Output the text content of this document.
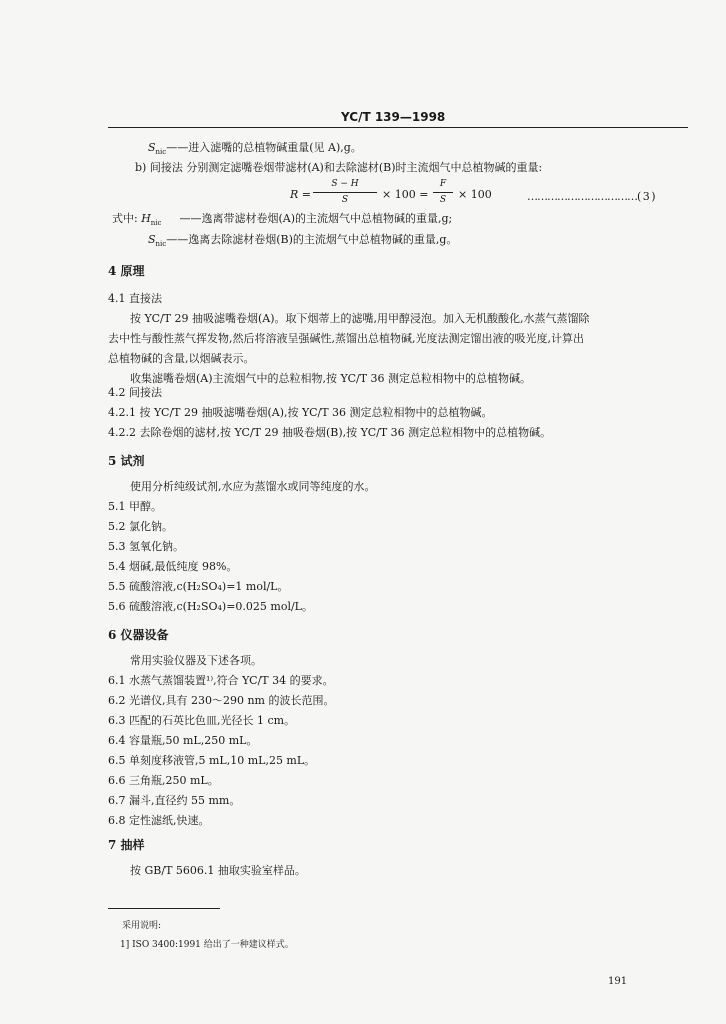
YC/T 139—1998
$S_{nic}——$进入滤嘴的总植物碱重量(见 A),g。
b) 间接法 分别测定滤嘴卷烟带滤材(A)和去除滤材(B)时主流烟气中总植物碱的重量:
R =
S − H
S	× 100 =
F
S	× 100	……………………………( 3 )
式中: $H_{nic}$ ——逸离带滤材卷烟(A)的主流烟气中总植物碱的重量,g;
$S_{nic}——$逸离去除滤材卷烟(B)的主流烟气中总植物碱的重量,g。
4 原理
4.1 直接法
按 YC/T 29 抽吸滤嘴卷烟(A)。取下烟蒂上的滤嘴,用甲醇浸泡。加入无机酸酸化,水蒸气蒸馏除
去中性与酸性蒸气挥发物,然后将溶液呈强碱性,蒸馏出总植物碱,光度法测定馏出液的吸光度,计算出
总植物碱的含量,以烟碱表示。
收集滤嘴卷烟(A)主流烟气中的总粒相物,按 YC/T 36 测定总粒相物中的总植物碱。
4.2 间接法
4.2.1 按 YC/T 29 抽吸滤嘴卷烟(A),按 YC/T 36 测定总粒相物中的总植物碱。
4.2.2 去除卷烟的滤材,按 YC/T 29 抽吸卷烟(B),按 YC/T 36 测定总粒相物中的总植物碱。
5 试剂
使用分析纯级试剂,水应为蒸馏水或同等纯度的水。
5.1 甲醇。
5.2 氯化钠。
5.3 氢氧化钠。
5.4 烟碱,最低纯度 98%。
5.5 硫酸溶液,c(H₂SO₄)=1 mol/L。
5.6 硫酸溶液,c(H₂SO₄)=0.025 mol/L。
6 仪器设备
常用实验仪器及下述各项。
6.1 水蒸气蒸馏装置¹⁾,符合 YC/T 34 的要求。
6.2 光谱仪,具有 230～290 nm 的波长范围。
6.3 匹配的石英比色皿,光径长 1 cm。
6.4 容量瓶,50 mL,250 mL。
6.5 单刻度移液管,5 mL,10 mL,25 mL。
6.6 三角瓶,250 mL。
6.7 漏斗,直径约 55 mm。
6.8 定性滤纸,快速。
7 抽样
按 GB/T 5606.1 抽取实验室样品。
采用说明:
1] ISO 3400:1991 给出了一种建议样式。
191
